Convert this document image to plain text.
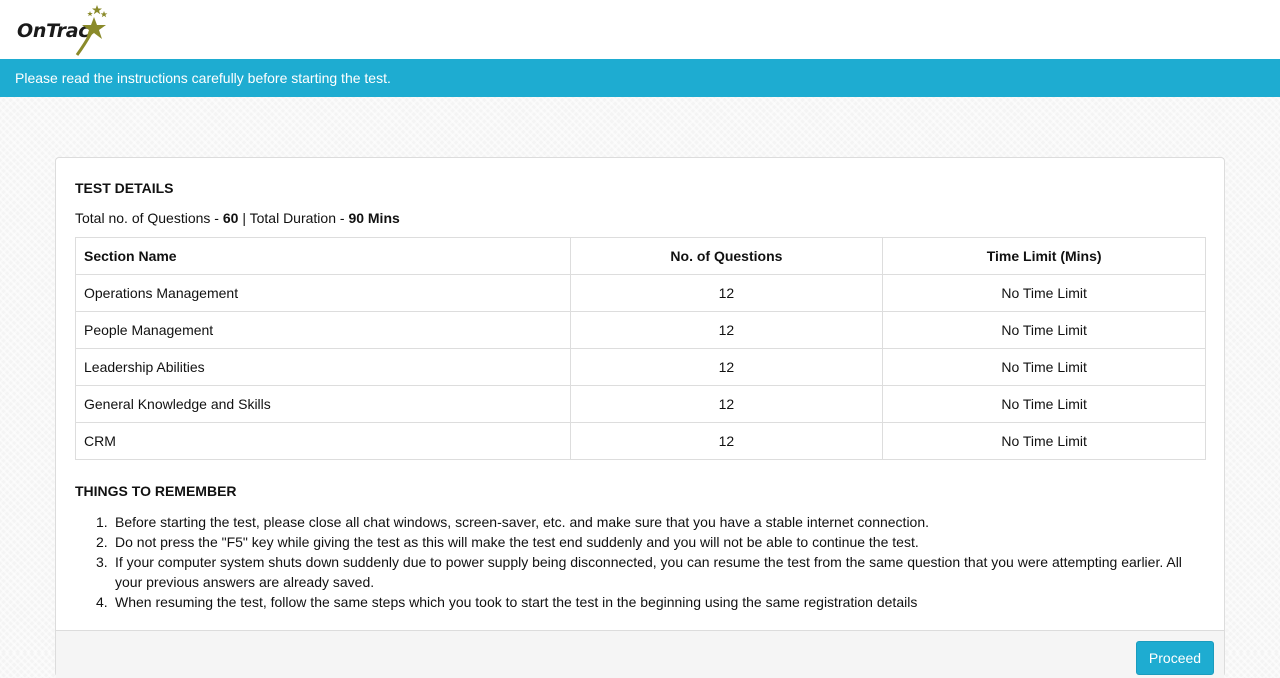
OnTrac
Please read the instructions carefully before starting the test.
TEST DETAILS
Total no. of Questions - 60 | Total Duration - 90 Mins
Section Name	No. of Questions	Time Limit (Mins)
Operations Management	12	No Time Limit
People Management	12	No Time Limit
Leadership Abilities	12	No Time Limit
General Knowledge and Skills	12	No Time Limit
CRM	12	No Time Limit
THINGS TO REMEMBER
1. Before starting the test, please close all chat windows, screen-saver, etc. and make sure that you have a stable internet connection.
2. Do not press the "F5" key while giving the test as this will make the test end suddenly and you will not be able to continue the test.
3. If your computer system shuts down suddenly due to power supply being disconnected, you can resume the test from the same question that you were attempting earlier. All your previous answers are already saved.
4. When resuming the test, follow the same steps which you took to start the test in the beginning using the same registration details
Proceed
